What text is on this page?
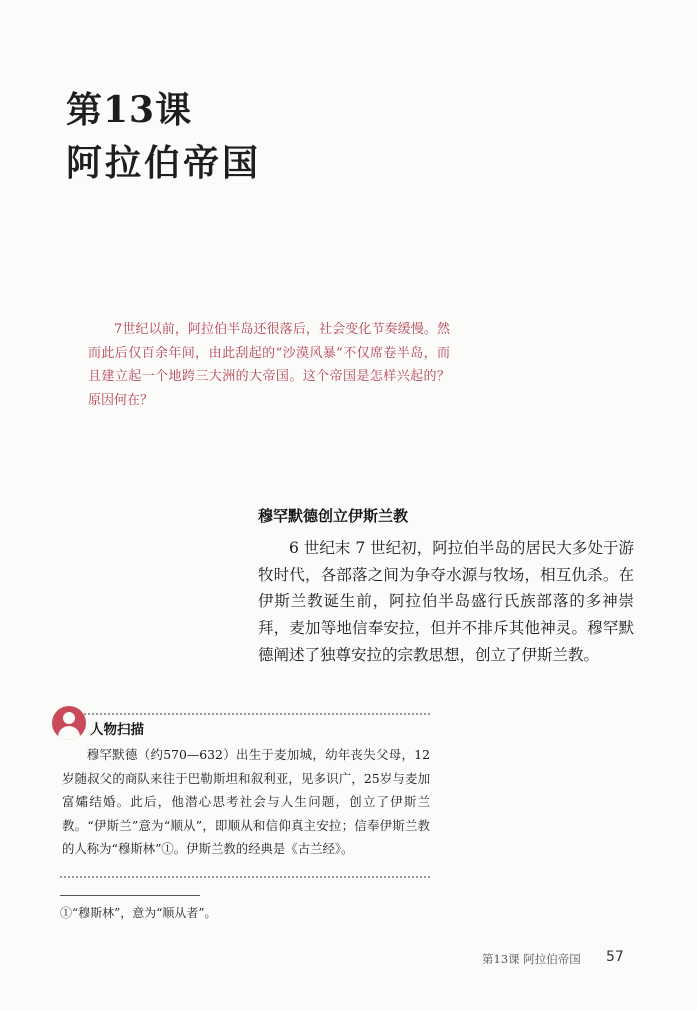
第13课
阿拉伯帝国

7世纪以前，阿拉伯半岛还很落后，社会变化节奏缓慢。然而此后仅百余年间，由此刮起的“沙漠风暴”不仅席卷半岛，而且建立起一个地跨三大洲的大帝国。这个帝国是怎样兴起的？原因何在？

穆罕默德创立伊斯兰教

6 世纪末 7 世纪初，阿拉伯半岛的居民大多处于游牧时代，各部落之间为争夺水源与牧场，相互仇杀。在伊斯兰教诞生前，阿拉伯半岛盛行氏族部落的多神崇拜，麦加等地信奉安拉，但并不排斥其他神灵。穆罕默德阐述了独尊安拉的宗教思想，创立了伊斯兰教。

人物扫描

穆罕默德（约570—632）出生于麦加城，幼年丧失父母，12岁随叔父的商队来往于巴勒斯坦和叙利亚，见多识广，25岁与麦加富孀结婚。此后，他潜心思考社会与人生问题，创立了伊斯兰教。“伊斯兰”意为“顺从”，即顺从和信仰真主安拉；信奉伊斯兰教的人称为“穆斯林”①。伊斯兰教的经典是《古兰经》。

①“穆斯林”，意为“顺从者”。
第13课 阿拉伯帝国 57
